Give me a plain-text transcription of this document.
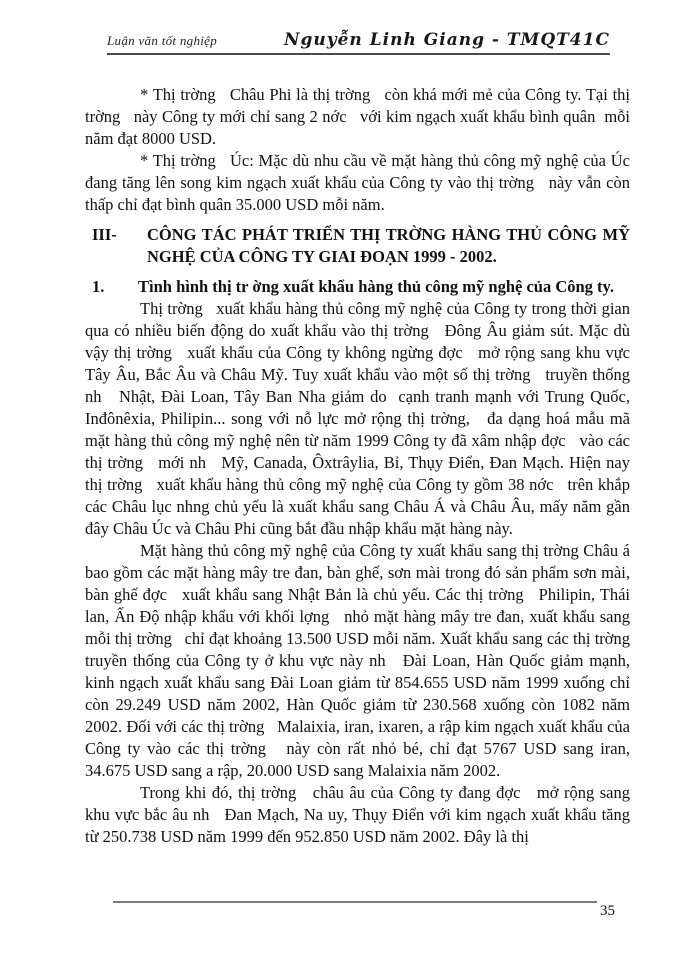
Luận văn tốt nghiệp	Nguyễn Linh Giang - TMQT41C

* Thị trờng   Châu Phi là thị trờng   còn khá mới mẻ của Công ty. Tại thị trờng   này Công ty mới chỉ sang 2 nớc   với kim ngạch xuất khẩu bình quân  mỗi năm đạt 8000 USD.

* Thị trờng   Úc: Mặc dù nhu cầu về mặt hàng thủ công mỹ nghệ của Úc đang tăng lên song kim ngạch xuất khẩu của Công ty vào thị trờng   này vẫn còn thấp chỉ đạt bình quân 35.000 USD mỗi năm.

III-	CÔNG TÁC PHÁT TRIỂN THỊ TRỜNG HÀNG THỦ CÔNG MỸ NGHỆ CỦA CÔNG TY GIAI ĐOẠN 1999 - 2002.
1.	Tình hình thị tr ờng xuất khẩu hàng thủ công mỹ nghệ của Công ty.

Thị trờng   xuất khẩu hàng thủ công mỹ nghệ của Công ty trong thời gian qua có nhiều biến động do xuất khẩu vào thị trờng   Đông Âu giảm sút. Mặc dù vậy thị trờng   xuất khẩu của Công ty không ngừng đợc   mở rộng sang khu vực Tây Âu, Bắc Âu và Châu Mỹ. Tuy xuất khẩu vào một số thị trờng   truyền thống nh   Nhật, Đài Loan, Tây Ban Nha giảm do  cạnh tranh mạnh với Trung Quốc, Inđônêxia, Philipin... song với nỗ lực mở rộng thị trờng,   đa dạng hoá mẫu mã mặt hàng thủ công mỹ nghệ nên từ năm 1999 Công ty đã xâm nhập đợc   vào các thị trờng   mới nh   Mỹ, Canada, Ôxtrâylia, Bỉ, Thụy Điển, Đan Mạch. Hiện nay thị trờng   xuất khẩu hàng thủ công mỹ nghệ của Công ty gồm 38 nớc   trên khắp các Châu lục nhng chủ yếu là xuất khẩu sang Châu Á và Châu Âu, mấy năm gần đây Châu Úc và Châu Phi cũng bắt đầu nhập khẩu mặt hàng này.

Mặt hàng thủ công mỹ nghệ của Công ty xuất khẩu sang thị trờng Châu á bao gồm các mặt hàng mây tre đan, bàn ghế, sơn mài trong đó sản phẩm sơn mài, bàn ghế đợc   xuất khẩu sang Nhật Bản là chủ yếu. Các thị trờng   Philipin, Thái lan, Ấn Độ nhập khẩu với khối lợng   nhỏ mặt hàng mây tre đan, xuất khẩu sang mỗi thị trờng   chỉ đạt khoảng 13.500 USD mỗi năm. Xuất khẩu sang các thị trờng   truyền thống của Công ty ở khu vực này nh   Đài Loan, Hàn Quốc giảm mạnh, kinh ngạch xuất khẩu sang Đài Loan giảm từ 854.655 USD năm 1999 xuống chỉ còn 29.249 USD năm 2002, Hàn Quốc giảm từ 230.568 xuống còn 1082 năm 2002. Đối với các thị trờng   Malaixia, iran, ixaren, a rập kim ngạch xuất khẩu của Công ty vào các thị trờng   này còn rất nhỏ bé, chỉ đạt 5767 USD sang iran, 34.675 USD sang a rập, 20.000 USD sang Malaixia năm 2002.

Trong khi đó, thị trờng   châu âu của Công ty đang đợc   mở rộng sang khu vực bắc âu nh   Đan Mạch, Na uy, Thụy Điển với kim ngạch xuất khẩu tăng từ 250.738 USD năm 1999 đến 952.850 USD năm 2002. Đây là thị

35
